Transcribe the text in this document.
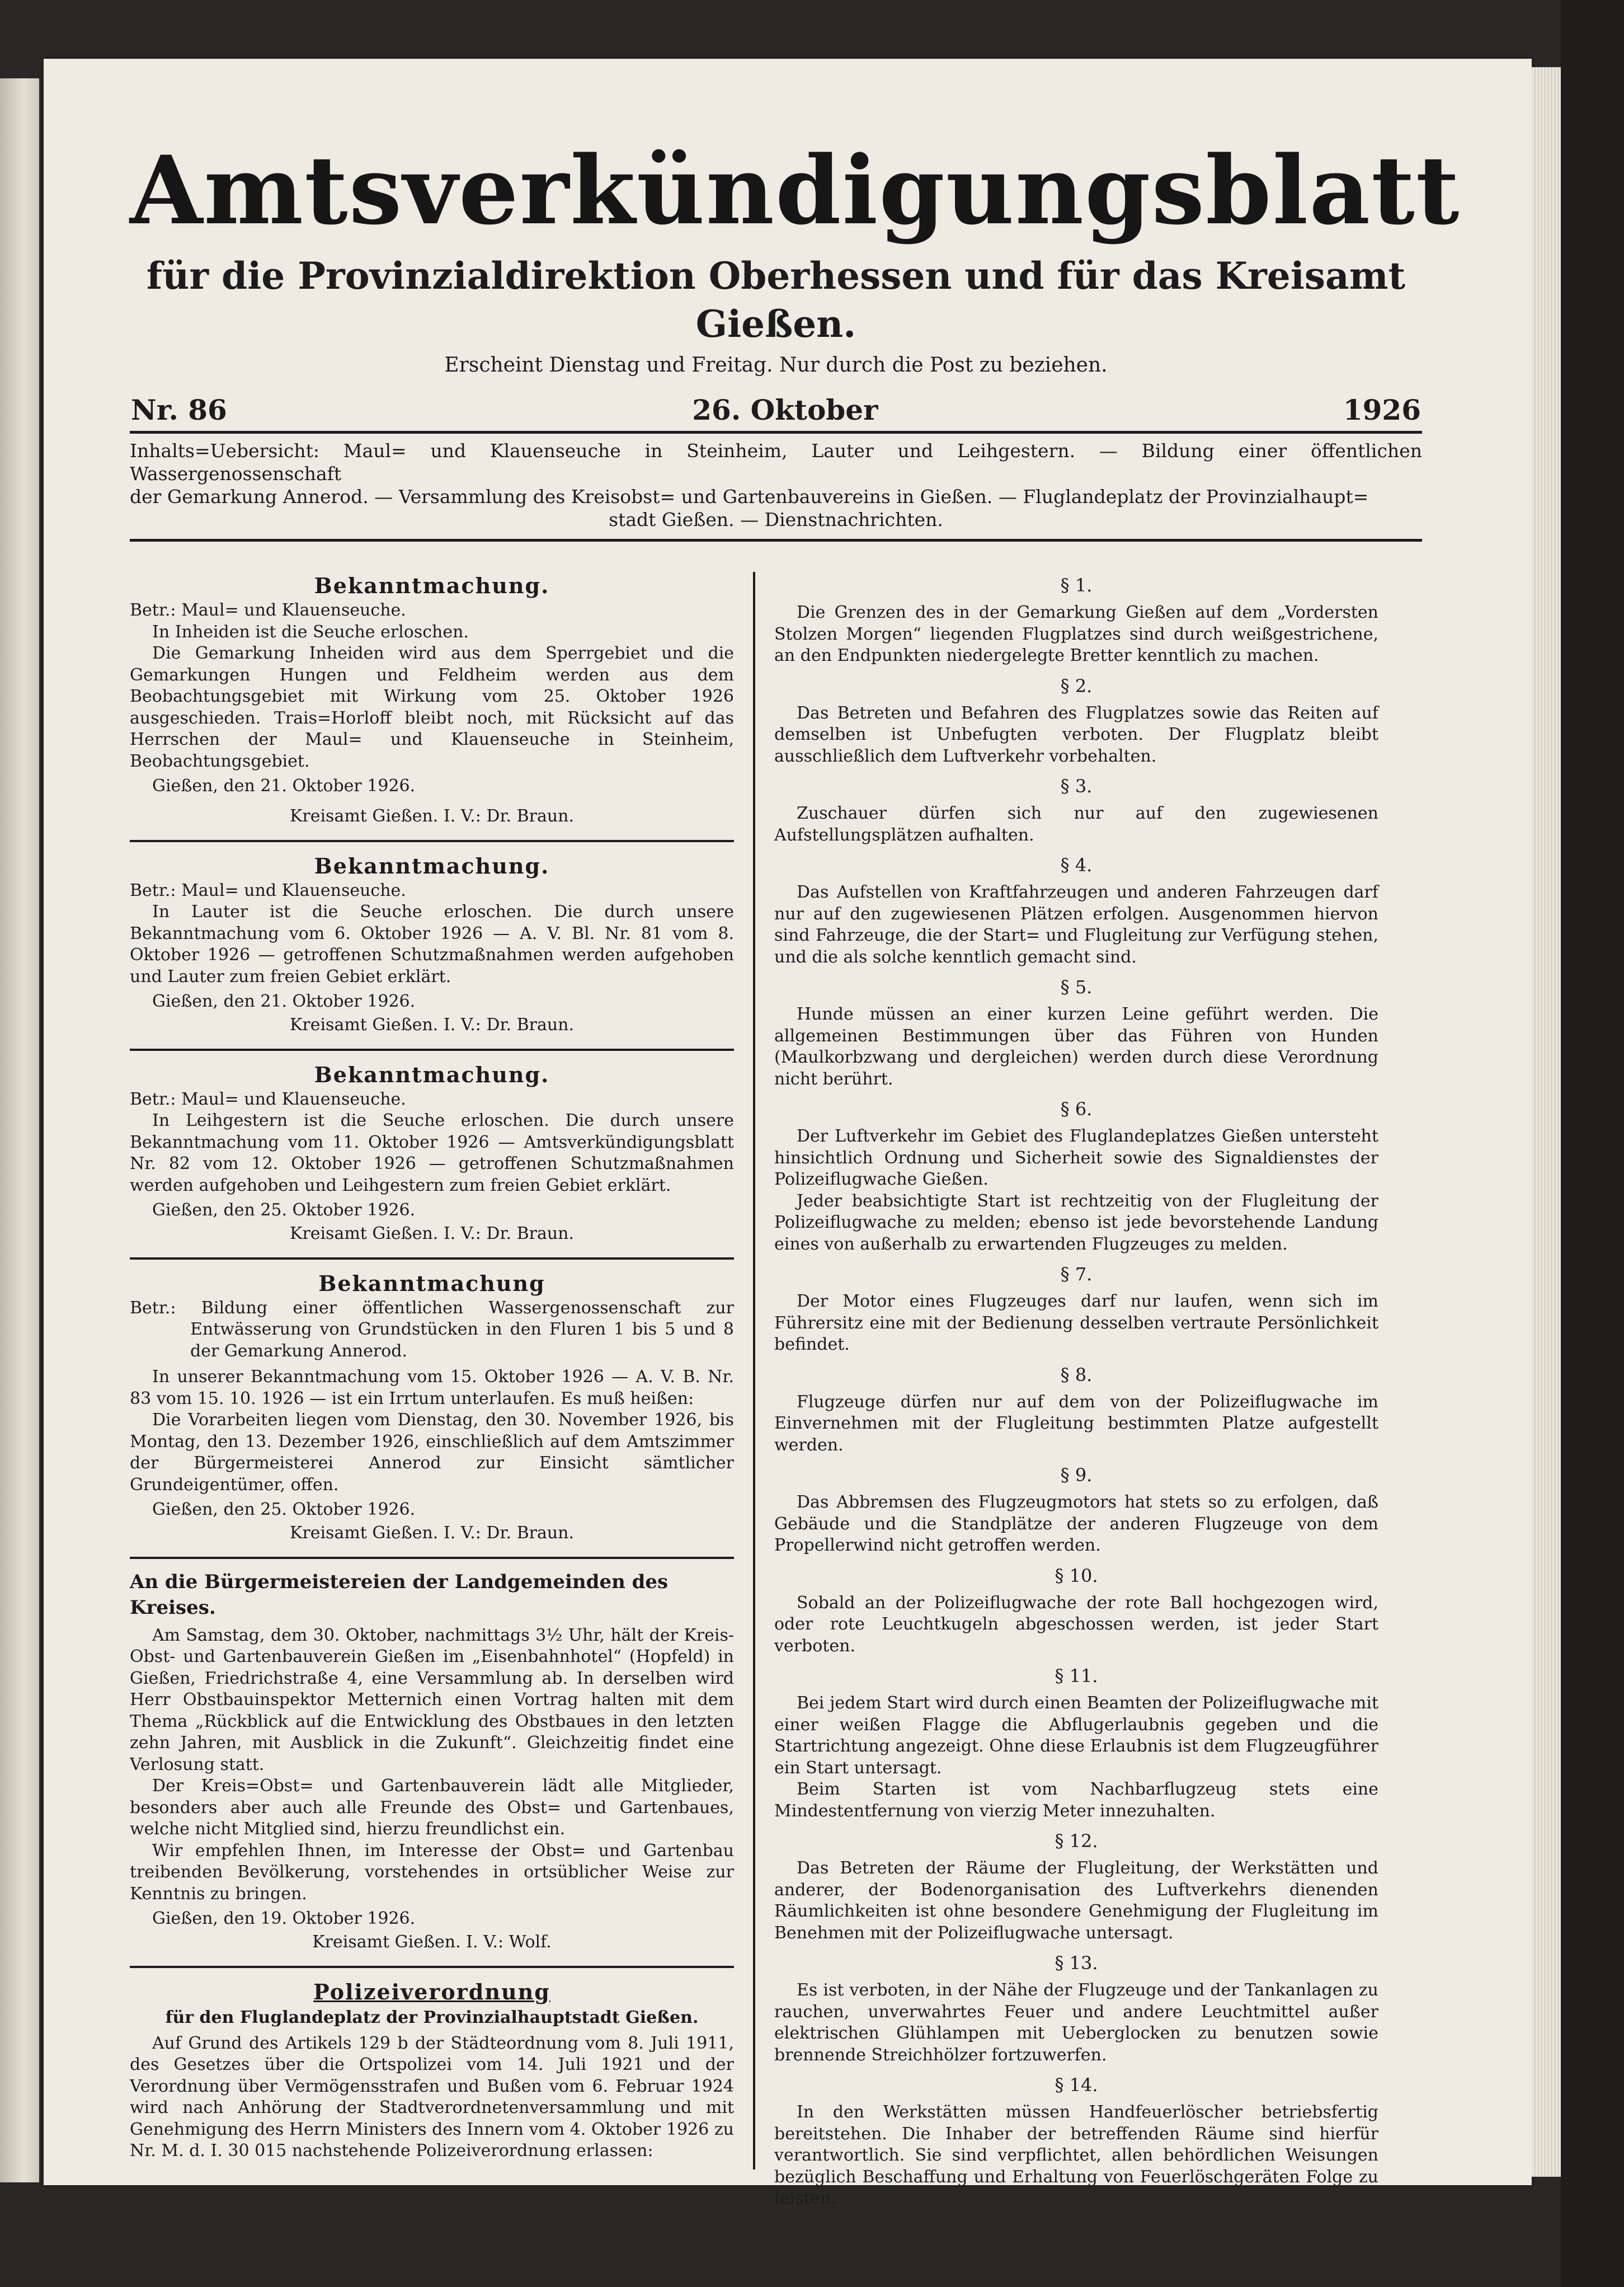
Amtsverkündigungsblatt
für die Provinzialdirektion Oberhessen und für das Kreisamt Gießen.
Erscheint Dienstag und Freitag. Nur durch die Post zu beziehen.
Nr. 86	26. Oktober	1926
Inhalts=Uebersicht: Maul= und Klauenseuche in Steinheim, Lauter und Leihgestern. — Bildung einer öffentlichen Wassergenossenschaft
der Gemarkung Annerod. — Versammlung des Kreisobst= und Gartenbauvereins in Gießen. — Fluglandeplatz der Provinzialhaupt=
stadt Gießen. — Dienstnachrichten.
Bekanntmachung.

Betr.: Maul= und Klauenseuche.

In Inheiden ist die Seuche erloschen.

Die Gemarkung Inheiden wird aus dem Sperrgebiet und die Gemarkungen Hungen und Feldheim werden aus dem Beobachtungsgebiet mit Wirkung vom 25. Oktober 1926 ausgeschieden. Trais=Horloff bleibt noch, mit Rücksicht auf das Herrschen der Maul= und Klauenseuche in Steinheim, Beobachtungsgebiet.

Gießen, den 21. Oktober 1926.

Kreisamt Gießen. I. V.: Dr. Braun.
Bekanntmachung.

Betr.: Maul= und Klauenseuche.

In Lauter ist die Seuche erloschen. Die durch unsere Bekanntmachung vom 6. Oktober 1926 — A. V. Bl. Nr. 81 vom 8. Oktober 1926 — getroffenen Schutzmaßnahmen werden aufgehoben und Lauter zum freien Gebiet erklärt.

Gießen, den 21. Oktober 1926.

Kreisamt Gießen. I. V.: Dr. Braun.
Bekanntmachung.

Betr.: Maul= und Klauenseuche.

In Leihgestern ist die Seuche erloschen. Die durch unsere Bekanntmachung vom 11. Oktober 1926 — Amtsverkündigungsblatt Nr. 82 vom 12. Oktober 1926 — getroffenen Schutzmaßnahmen werden aufgehoben und Leihgestern zum freien Gebiet erklärt.

Gießen, den 25. Oktober 1926.

Kreisamt Gießen. I. V.: Dr. Braun.
Bekanntmachung

Betr.: Bildung einer öffentlichen Wassergenossenschaft zur Entwässerung von Grundstücken in den Fluren 1 bis 5 und 8 der Gemarkung Annerod.

In unserer Bekanntmachung vom 15. Oktober 1926 — A. V. B. Nr. 83 vom 15. 10. 1926 — ist ein Irrtum unterlaufen. Es muß heißen:

Die Vorarbeiten liegen vom Dienstag, den 30. November 1926, bis Montag, den 13. Dezember 1926, einschließlich auf dem Amtszimmer der Bürgermeisterei Annerod zur Einsicht sämtlicher Grundeigentümer, offen.

Gießen, den 25. Oktober 1926.

Kreisamt Gießen. I. V.: Dr. Braun.
An die Bürgermeistereien der Landgemeinden des Kreises.

Am Samstag, dem 30. Oktober, nachmittags 3½ Uhr, hält der Kreis-Obst- und Gartenbauverein Gießen im „Eisenbahnhotel“ (Hopfeld) in Gießen, Friedrichstraße 4, eine Versammlung ab. In derselben wird Herr Obstbauinspektor Metternich einen Vortrag halten mit dem Thema „Rückblick auf die Entwicklung des Obstbaues in den letzten zehn Jahren, mit Ausblick in die Zukunft“. Gleichzeitig findet eine Verlosung statt.

Der Kreis=Obst= und Gartenbauverein lädt alle Mitglieder, besonders aber auch alle Freunde des Obst= und Gartenbaues, welche nicht Mitglied sind, hierzu freundlichst ein.

Wir empfehlen Ihnen, im Interesse der Obst= und Gartenbau treibenden Bevölkerung, vorstehendes in ortsüblicher Weise zur Kenntnis zu bringen.

Gießen, den 19. Oktober 1926.

Kreisamt Gießen. I. V.: Wolf.
Polizeiverordnung
für den Fluglandeplatz der Provinzialhauptstadt Gießen.

Auf Grund des Artikels 129 b der Städteordnung vom 8. Juli 1911, des Gesetzes über die Ortspolizei vom 14. Juli 1921 und der Verordnung über Vermögensstrafen und Bußen vom 6. Februar 1924 wird nach Anhörung der Stadtverordnetenversammlung und mit Genehmigung des Herrn Ministers des Innern vom 4. Oktober 1926 zu Nr. M. d. I. 30 015 nachstehende Polizeiverordnung erlassen:

§ 1.

Die Grenzen des in der Gemarkung Gießen auf dem „Vordersten Stolzen Morgen“ liegenden Flugplatzes sind durch weißgestrichene, an den Endpunkten niedergelegte Bretter kenntlich zu machen.

§ 2.

Das Betreten und Befahren des Flugplatzes sowie das Reiten auf demselben ist Unbefugten verboten. Der Flugplatz bleibt ausschließlich dem Luftverkehr vorbehalten.

§ 3.

Zuschauer dürfen sich nur auf den zugewiesenen Aufstellungsplätzen aufhalten.

§ 4.

Das Aufstellen von Kraftfahrzeugen und anderen Fahrzeugen darf nur auf den zugewiesenen Plätzen erfolgen. Ausgenommen hiervon sind Fahrzeuge, die der Start= und Flugleitung zur Verfügung stehen, und die als solche kenntlich gemacht sind.

§ 5.

Hunde müssen an einer kurzen Leine geführt werden. Die allgemeinen Bestimmungen über das Führen von Hunden (Maulkorbzwang und dergleichen) werden durch diese Verordnung nicht berührt.

§ 6.

Der Luftverkehr im Gebiet des Fluglandeplatzes Gießen untersteht hinsichtlich Ordnung und Sicherheit sowie des Signaldienstes der Polizeiflugwache Gießen.

Jeder beabsichtigte Start ist rechtzeitig von der Flugleitung der Polizeiflugwache zu melden; ebenso ist jede bevorstehende Landung eines von außerhalb zu erwartenden Flugzeuges zu melden.

§ 7.

Der Motor eines Flugzeuges darf nur laufen, wenn sich im Führersitz eine mit der Bedienung desselben vertraute Persönlichkeit befindet.

§ 8.

Flugzeuge dürfen nur auf dem von der Polizeiflugwache im Einvernehmen mit der Flugleitung bestimmten Platze aufgestellt werden.

§ 9.

Das Abbremsen des Flugzeugmotors hat stets so zu erfolgen, daß Gebäude und die Standplätze der anderen Flugzeuge von dem Propellerwind nicht getroffen werden.

§ 10.

Sobald an der Polizeiflugwache der rote Ball hochgezogen wird, oder rote Leuchtkugeln abgeschossen werden, ist jeder Start verboten.

§ 11.

Bei jedem Start wird durch einen Beamten der Polizeiflugwache mit einer weißen Flagge die Abflugerlaubnis gegeben und die Startrichtung angezeigt. Ohne diese Erlaubnis ist dem Flugzeugführer ein Start untersagt.

Beim Starten ist vom Nachbarflugzeug stets eine Mindestentfernung von vierzig Meter innezuhalten.

§ 12.

Das Betreten der Räume der Flugleitung, der Werkstätten und anderer, der Bodenorganisation des Luftverkehrs dienenden Räumlichkeiten ist ohne besondere Genehmigung der Flugleitung im Benehmen mit der Polizeiflugwache untersagt.

§ 13.

Es ist verboten, in der Nähe der Flugzeuge und der Tankanlagen zu rauchen, unverwahrtes Feuer und andere Leuchtmittel außer elektrischen Glühlampen mit Ueberglocken zu benutzen sowie brennende Streichhölzer fortzuwerfen.

§ 14.

In den Werkstätten müssen Handfeuerlöscher betriebsfertig bereitstehen. Die Inhaber der betreffenden Räume sind hierfür verantwortlich. Sie sind verpflichtet, allen behördlichen Weisungen bezüglich Beschaffung und Erhaltung von Feuerlöschgeräten Folge zu leisten.
